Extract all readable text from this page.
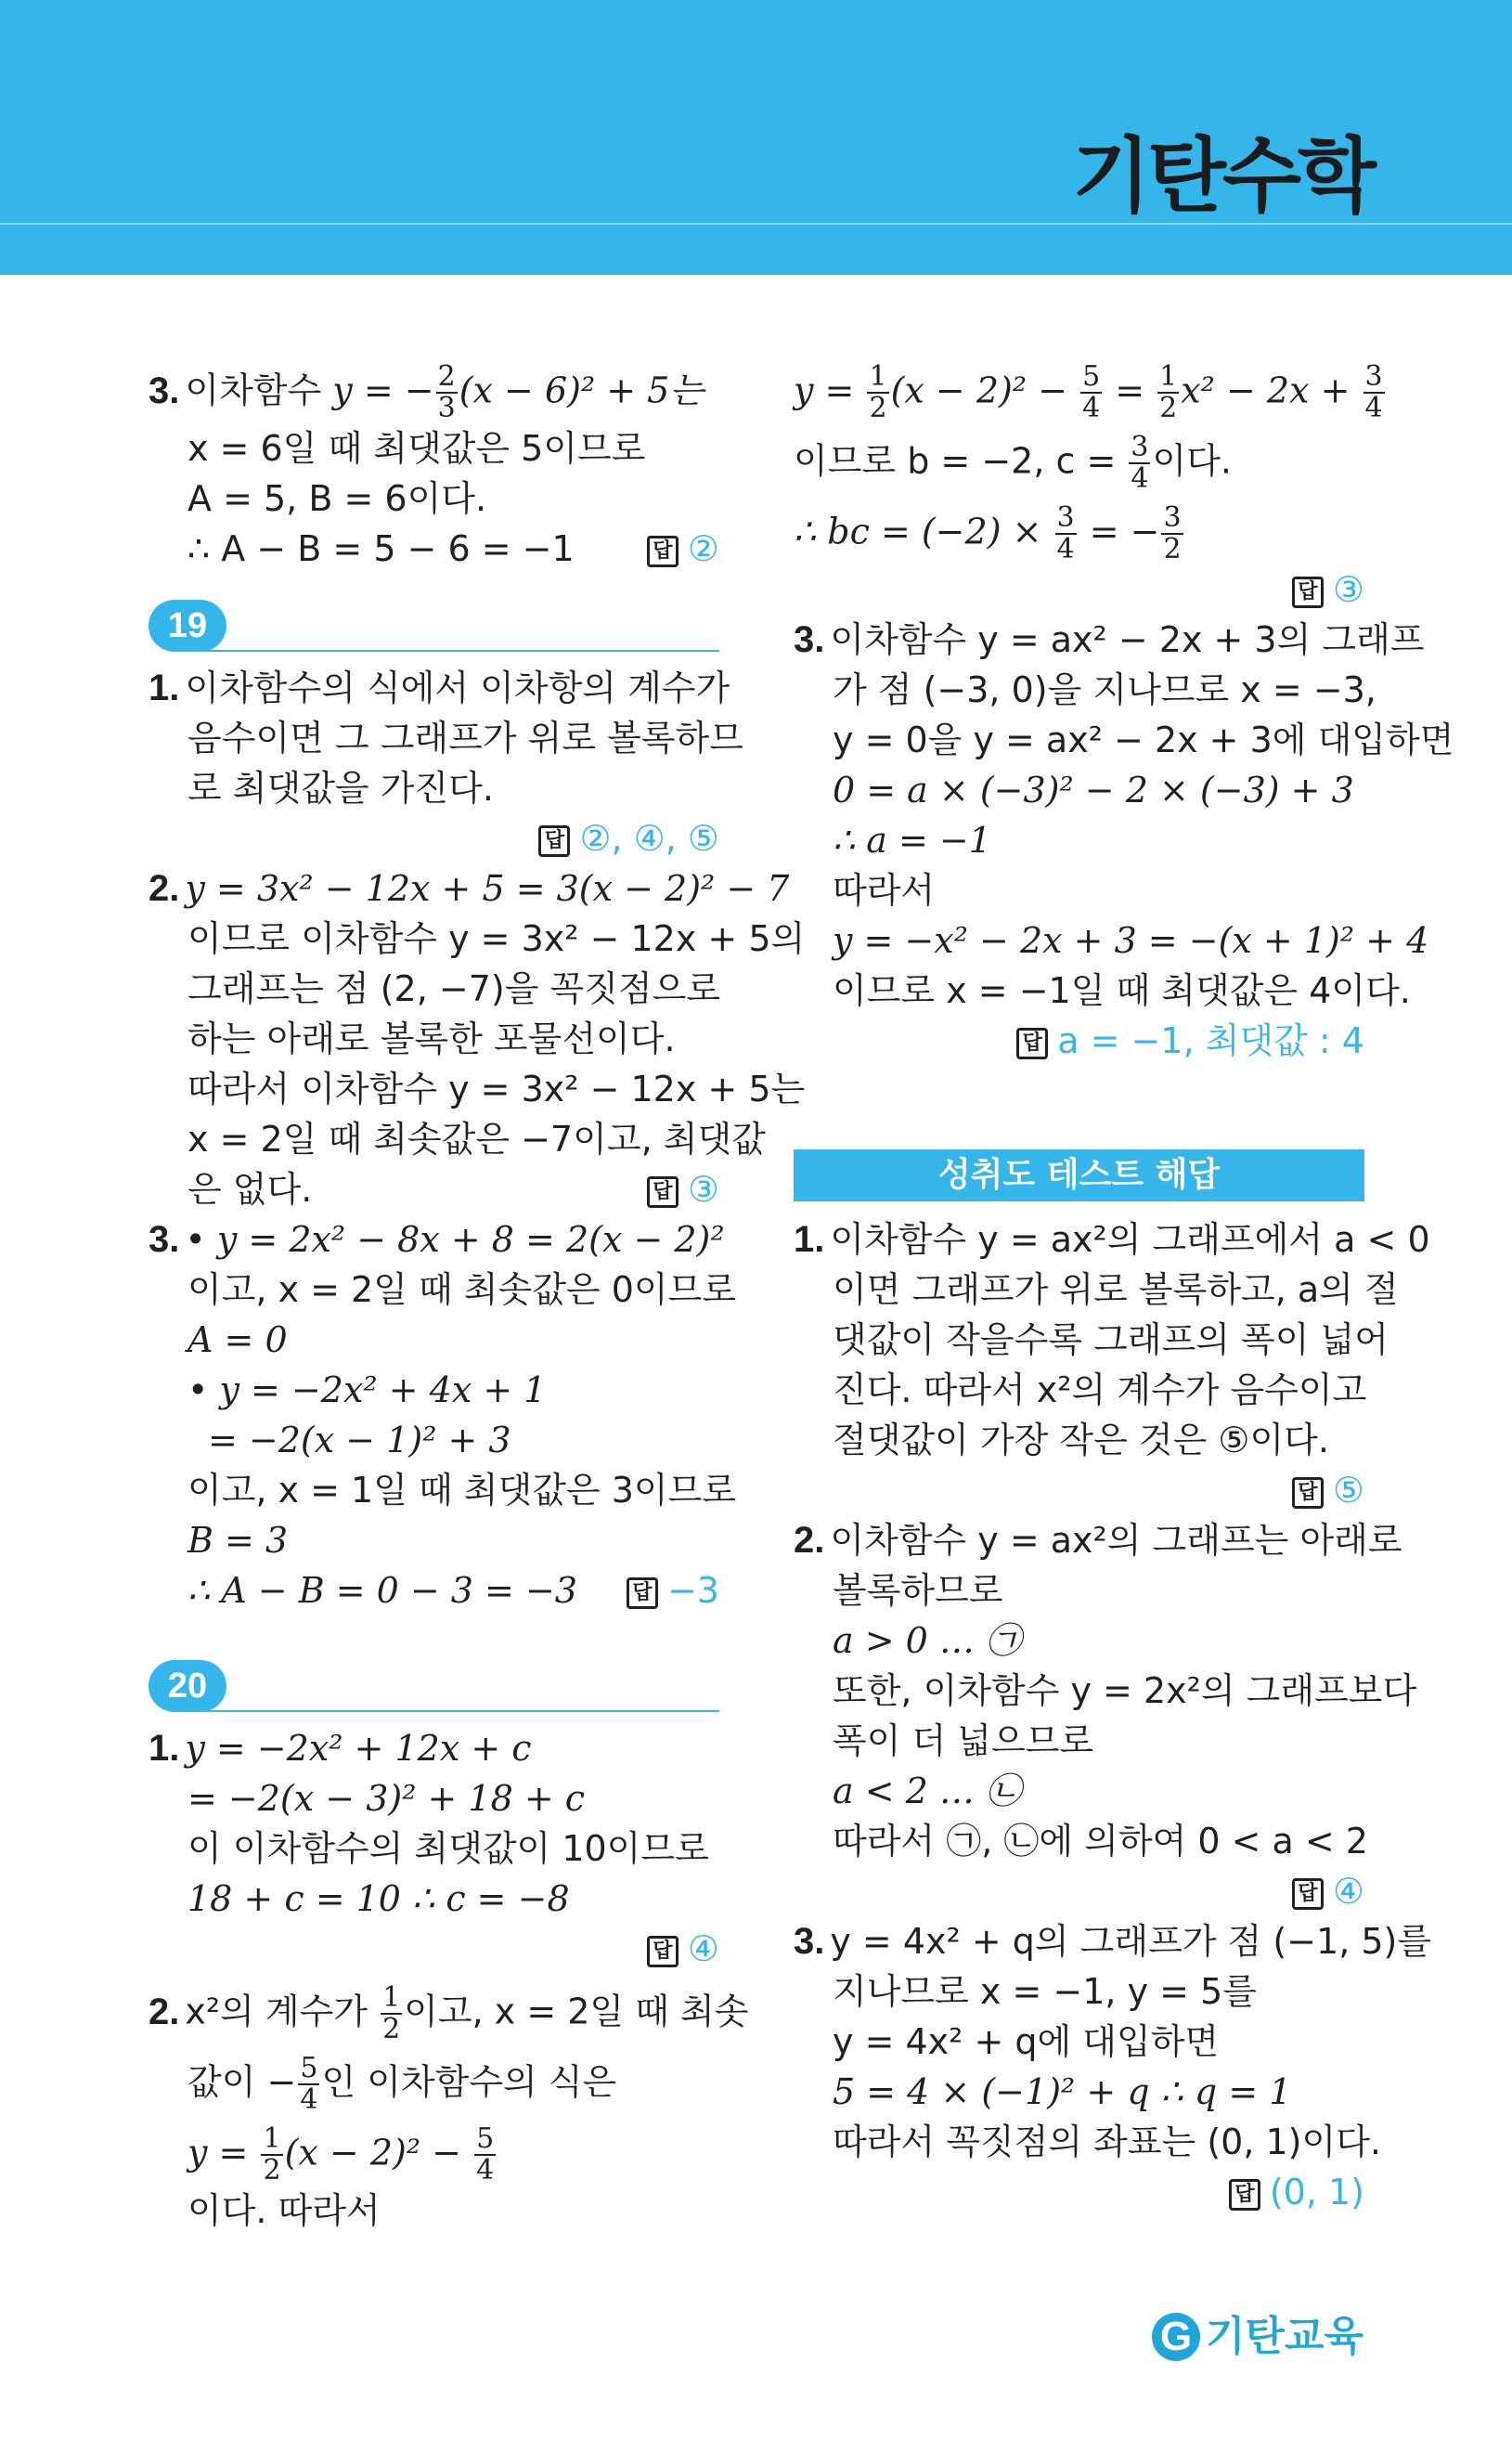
기탄수학
3. 이차함수 y = − $\frac{2}{3} (x - 6)^2 + 5$는
x = 6일 때 최댓값은 5이므로
A = 5, B = 6이다.
∴ A − B = 5 − 6 = −1	답 ②
19
1. 이차함수의 식에서 이차항의 계수가
음수이면 그 그래프가 위로 볼록하므
로 최댓값을 가진다.
답 ②, ④, ⑤
2. y = 3x² − 12x + 5 = 3(x − 2)² − 7
이므로 이차함수 y = 3x² − 12x + 5의
그래프는 점 (2, −7)을 꼭짓점으로
하는 아래로 볼록한 포물선이다.
따라서 이차함수 y = 3x² − 12x + 5는
x = 2일 때 최솟값은 −7이고, 최댓값
은 없다.	답 ③
3. • y = 2x² − 8x + 8 = 2(x − 2)²
이고, x = 2일 때 최솟값은 0이므로
A = 0
• y = −2x² + 4x + 1
= −2(x − 1)² + 3
이고, x = 1일 때 최댓값은 3이므로
B = 3
∴ A − B = 0 − 3 = −3	답 −3
20
1. y = −2x² + 12x + c
= −2(x − 3)² + 18 + c
이 이차함수의 최댓값이 10이므로
18 + c = 10 ∴ c = −8
답 ④
2. x²의 계수가 $\frac{1}{2}$ 이고, x = 2일 때 최솟
값이 − $\frac{5}{4}$ 인 이차함수의 식은
$y = \frac{1}{2} (x - 2)^2 - \frac{5}{4}$
이다. 따라서
$y = \frac{1}{2} (x - 2)^2 - \frac{5}{4} = \frac{1}{2} x^2 - 2x + \frac{3}{4}$
이므로 b = −2, $c = \frac{3}{4}$ 이다.
∴ bc = $(-2) \times \frac{3}{4}$ = − $\frac{3}{2}$
답 ③
3. 이차함수 y = ax² − 2x + 3의 그래프
가 점 (−3, 0)을 지나므로 x = −3,
y = 0을 y = ax² − 2x + 3에 대입하면
0 = a × (−3)² − 2 × (−3) + 3
∴ a = −1
따라서
y = −x² − 2x + 3 = −(x + 1)² + 4
이므로 x = −1일 때 최댓값은 4이다.
답 a = −1, 최댓값 : 4
성취도 테스트 해답
1. 이차함수 y = ax²의 그래프에서 a < 0
이면 그래프가 위로 볼록하고, a의 절
댓값이 작을수록 그래프의 폭이 넓어
진다. 따라서 x²의 계수가 음수이고
절댓값이 가장 작은 것은 ⑤이다.
답 ⑤
2. 이차함수 y = ax²의 그래프는 아래로
볼록하므로
a > 0 … ㉠
또한, 이차함수 y = 2x²의 그래프보다
폭이 더 넓으므로
a < 2 … ㉡
따라서 ㉠, ㉡에 의하여 0 < a < 2
답 ④
3. y = 4x² + q의 그래프가 점 (−1, 5)를
지나므로 x = −1, y = 5를
y = 4x² + q에 대입하면
5 = 4 × (−1)² + q ∴ q = 1
따라서 꼭짓점의 좌표는 (0, 1)이다.
답 (0, 1)
G 기탄교육
